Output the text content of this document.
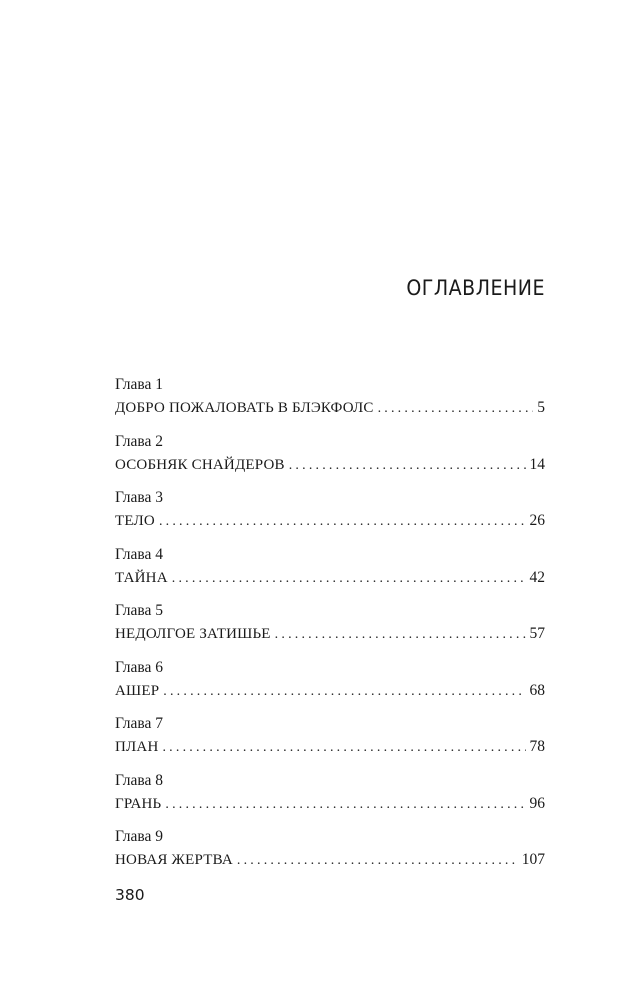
ОГЛАВЛЕНИЕ
Глава 1
ДОБРО ПОЖАЛОВАТЬ В БЛЭКФОЛС .....	5
Глава 2
ОСОБНЯК СНАЙДЕРОВ .....	14
Глава 3
ТЕЛО .....	26
Глава 4
ТАЙНА .....	42
Глава 5
НЕДОЛГОЕ ЗАТИШЬЕ .....	57
Глава 6
АШЕР .....	68
Глава 7
ПЛАН .....	78
Глава 8
ГРАНЬ .....	96
Глава 9
НОВАЯ ЖЕРТВА .....	107
380
